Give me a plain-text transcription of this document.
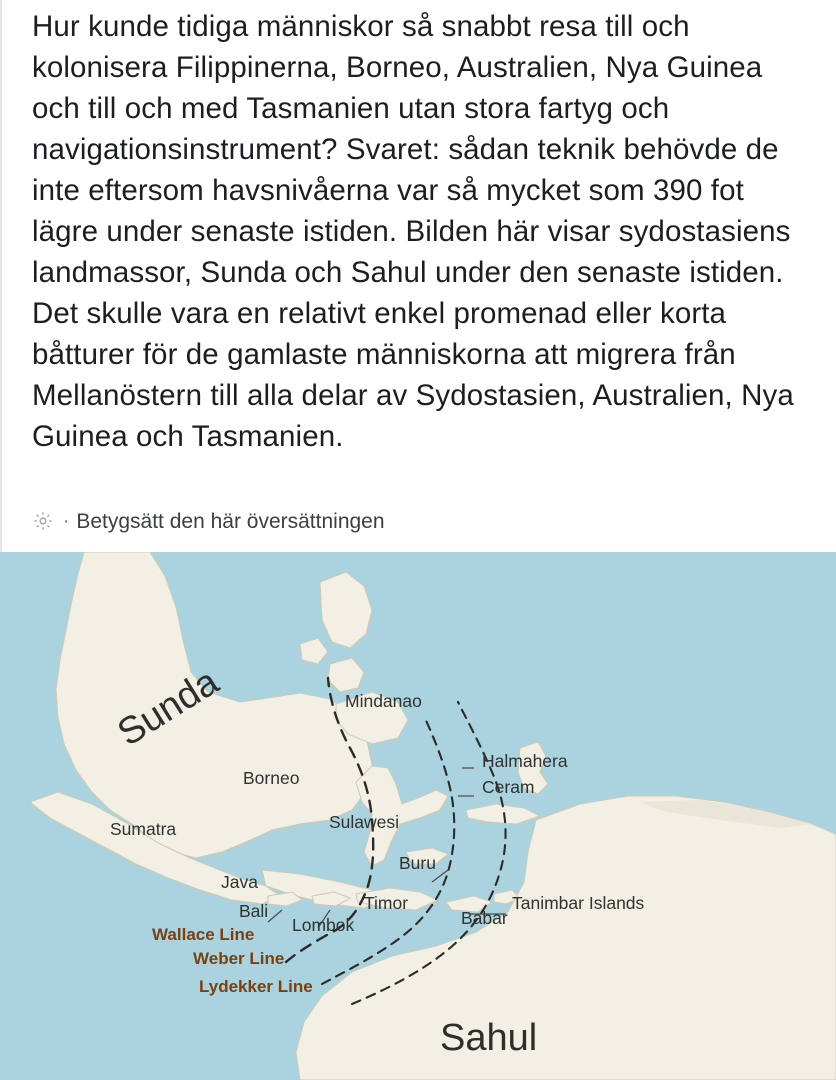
Hur kunde tidiga människor så snabbt resa till och kolonisera Filippinerna, Borneo, Australien, Nya Guinea och till och med Tasmanien utan stora fartyg och navigationsinstrument? Svaret: sådan teknik behövde de inte eftersom havsnivåerna var så mycket som 390 fot lägre under senaste istiden. Bilden här visar sydostasiens landmassor, Sunda och Sahul under den senaste istiden. Det skulle vara en relativt enkel promenad eller korta båtturer för de gamlaste människorna att migrera från Mellanöstern till alla delar av Sydostasien, Australien, Nya Guinea och Tasmanien.
· Betygsätt den här översättningen
Sunda
Sahul
Mindanao
Borneo
Halmahera
Ceram
Sumatra	Sulawesi
Buru
Java
Timor	Tanimbar Islands
Babar
Bali
Lombok
Wallace Line
Weber Line
Lydekker Line
